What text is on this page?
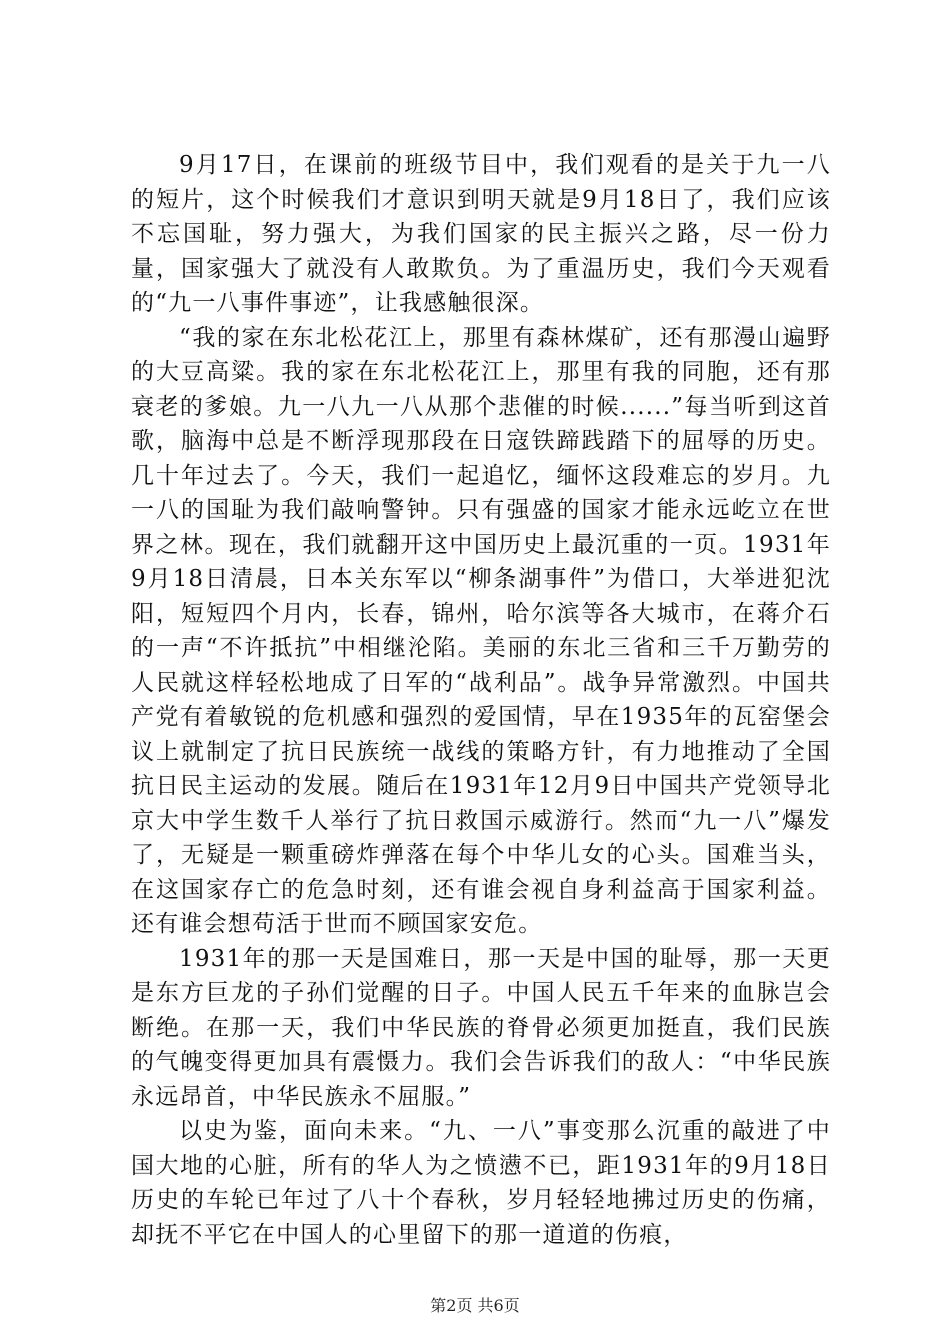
9月17日，在课前的班级节目中，我们观看的是关于九一八的短片，这个时候我们才意识到明天就是9月18日了，我们应该不忘国耻，努力强大，为我们国家的民主振兴之路，尽一份力量，国家强大了就没有人敢欺负。为了重温历史，我们今天观看的“九一八事件事迹”，让我感触很深。

“我的家在东北松花江上，那里有森林煤矿，还有那漫山遍野的大豆高粱。我的家在东北松花江上，那里有我的同胞，还有那衰老的爹娘。九一八九一八从那个悲催的时候......”每当听到这首歌，脑海中总是不断浮现那段在日寇铁蹄践踏下的屈辱的历史。几十年过去了。今天，我们一起追忆，缅怀这段难忘的岁月。九一八的国耻为我们敲响警钟。只有强盛的国家才能永远屹立在世界之林。现在，我们就翻开这中国历史上最沉重的一页。1931年9月18日清晨，日本关东军以“柳条湖事件”为借口，大举进犯沈阳，短短四个月内，长春，锦州，哈尔滨等各大城市，在蒋介石的一声“不许抵抗”中相继沦陷。美丽的东北三省和三千万勤劳的人民就这样轻松地成了日军的“战利品”。战争异常激烈。中国共产党有着敏锐的危机感和强烈的爱国情，早在1935年的瓦窑堡会议上就制定了抗日民族统一战线的策略方针，有力地推动了全国抗日民主运动的发展。随后在1931年12月9日中国共产党领导北京大中学生数千人举行了抗日救国示威游行。然而“九一八”爆发了，无疑是一颗重磅炸弹落在每个中华儿女的心头。国难当头，在这国家存亡的危急时刻，还有谁会视自身利益高于国家利益。还有谁会想苟活于世而不顾国家安危。

1931年的那一天是国难日，那一天是中国的耻辱，那一天更是东方巨龙的子孙们觉醒的日子。中国人民五千年来的血脉岂会断绝。在那一天，我们中华民族的脊骨必须更加挺直，我们民族的气魄变得更加具有震慑力。我们会告诉我们的敌人：“中华民族永远昂首，中华民族永不屈服。”

以史为鉴，面向未来。“九、一八”事变那么沉重的敲进了中国大地的心脏，所有的华人为之愤懑不已，距1931年的9月18日历史的车轮已年过了八十个春秋，岁月轻轻地拂过历史的伤痛，却抚不平它在中国人的心里留下的那一道道的伤痕，

第2页 共6页
